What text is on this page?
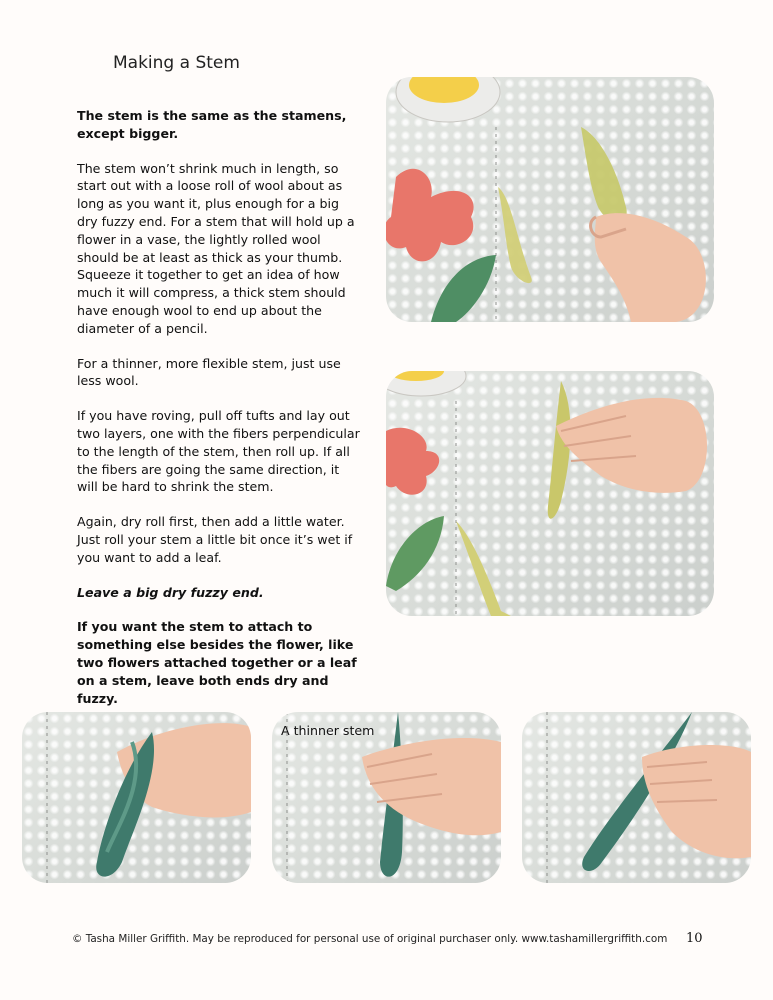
Making a Stem

The stem is the same as the stamens, except bigger.

The stem won’t shrink much in length, so start out with a loose roll of wool about as long as you want it, plus enough for a big dry fuzzy end. For a stem that will hold up a flower in a vase, the lightly rolled wool should be at least as thick as your thumb. Squeeze it together to get an idea of how much it will compress, a thick stem should have enough wool to end up about the diameter of a pencil.

For a thinner, more flexible stem, just use less wool.

If you have roving, pull off tufts and lay out two layers, one with the fibers perpendicular to the length of the stem, then roll up. If all the fibers are going the same direction, it will be hard to shrink the stem.

Again, dry roll first, then add a little water. Just roll your stem a little bit once it’s wet if you want to add a leaf.

Leave a big dry fuzzy end.

If you want the stem to attach to something else besides the flower, like two flowers attached together or a leaf on a stem, leave both ends dry and fuzzy.

A thinner stem
© Tasha Miller Griffith. May be reproduced for personal use of original purchaser only. www.tashamillergriffith.com 10
